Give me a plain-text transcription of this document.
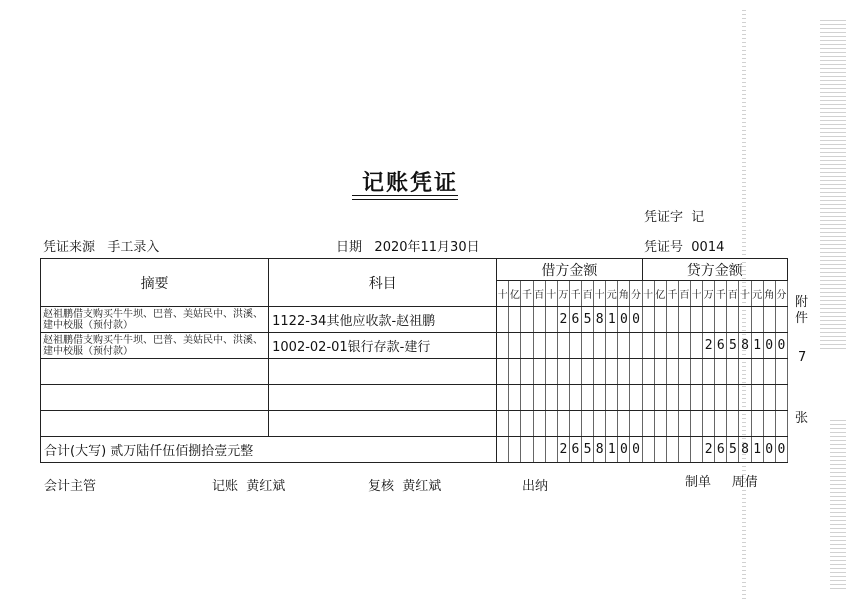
记账凭证
凭证字 记
凭证来源 手工录入	日期 2020年11月30日	凭证号 0014
摘要	科目	借方金额												贷方金额											
		十	亿	千	百	十	万	千	百	十	元	角	分	十	亿	千	百	十	万	千	百	十	元	角	分
赵祖鹏借支购买牛牛坝、巴普、美姑民中、洪溪、建中校服（预付款）	1122-34其他应收款-赵祖鹏						2	6	5	8	1	0	0												
赵祖鹏借支购买牛牛坝、巴普、美姑民中、洪溪、建中校服（预付款）	1002-02-01银行存款-建行																		2	6	5	8	1	0	0

合计(大写) 贰万陆仟伍佰捌拾壹元整							2	6	5	8	1	0	0						2	6	5	8	1	0	0
附
件
7
张
会计主管	记账 黄红斌	复核 黄红斌	出纳	制单 周倩
